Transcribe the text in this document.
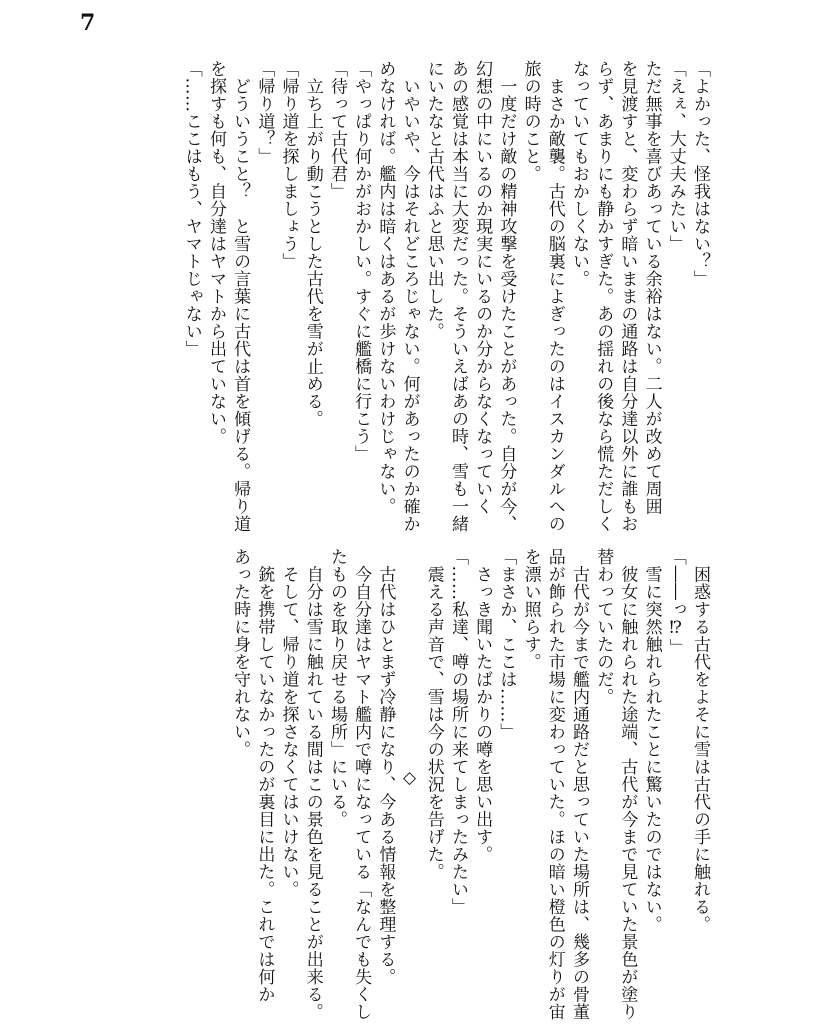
7
「よかった、怪我はない？」
「えぇ、大丈夫みたい」
ただ無事を喜びあっている余裕はない。二人が改めて周囲
を見渡すと、変わらず暗いままの通路は自分達以外に誰もお
らず、あまりにも静かすぎた。あの揺れの後なら慌ただしく
なっていてもおかしくない。
　まさか敵襲。古代の脳裏によぎったのはイスカンダルへの
旅の時のこと。
　一度だけ敵の精神攻撃を受けたことがあった。自分が今、
幻想の中にいるのか現実にいるのか分からなくなっていく
あの感覚は本当に大変だった。そういえばあの時、雪も一緒
にいたなと古代はふと思い出した。
　いやいや、今はそれどころじゃない。何があったのか確か
めなければ。艦内は暗くはあるが歩けないわけじゃない。
「やっぱり何かがおかしい。すぐに艦橋に行こう」
「待って古代君」
　立ち上がり動こうとした古代を雪が止める。
「帰り道を探しましょう」
「帰り道？」
　どういうこと？　と雪の言葉に古代は首を傾げる。帰り道
を探すも何も、自分達はヤマトから出ていない。
「……ここはもう、ヤマトじゃない」
　困惑する古代をよそに雪は古代の手に触れる。
「――っ⁉」
　雪に突然触れられたことに驚いたのではない。
　彼女に触れられた途端、古代が今まで見ていた景色が塗り
替わっていたのだ。
　古代が今まで艦内通路だと思っていた場所は、幾多の骨董
品が飾られた市場に変わっていた。ほの暗い橙色の灯りが宙
を漂い照らす。
「まさか、ここは……」
　さっき聞いたばかりの噂を思い出す。
「……私達、噂の場所に来てしまったみたい」
　震える声音で、雪は今の状況を告げた。
◇
　古代はひとまず冷静になり、今ある情報を整理する。
　今自分達はヤマト艦内で噂になっている「なんでも失くし
たものを取り戻せる場所」にいる。
　自分は雪に触れている間はこの景色を見ることが出来る。
　そして、帰り道を探さなくてはいけない。
　銃を携帯していなかったのが裏目に出た。これでは何か
あった時に身を守れない。
